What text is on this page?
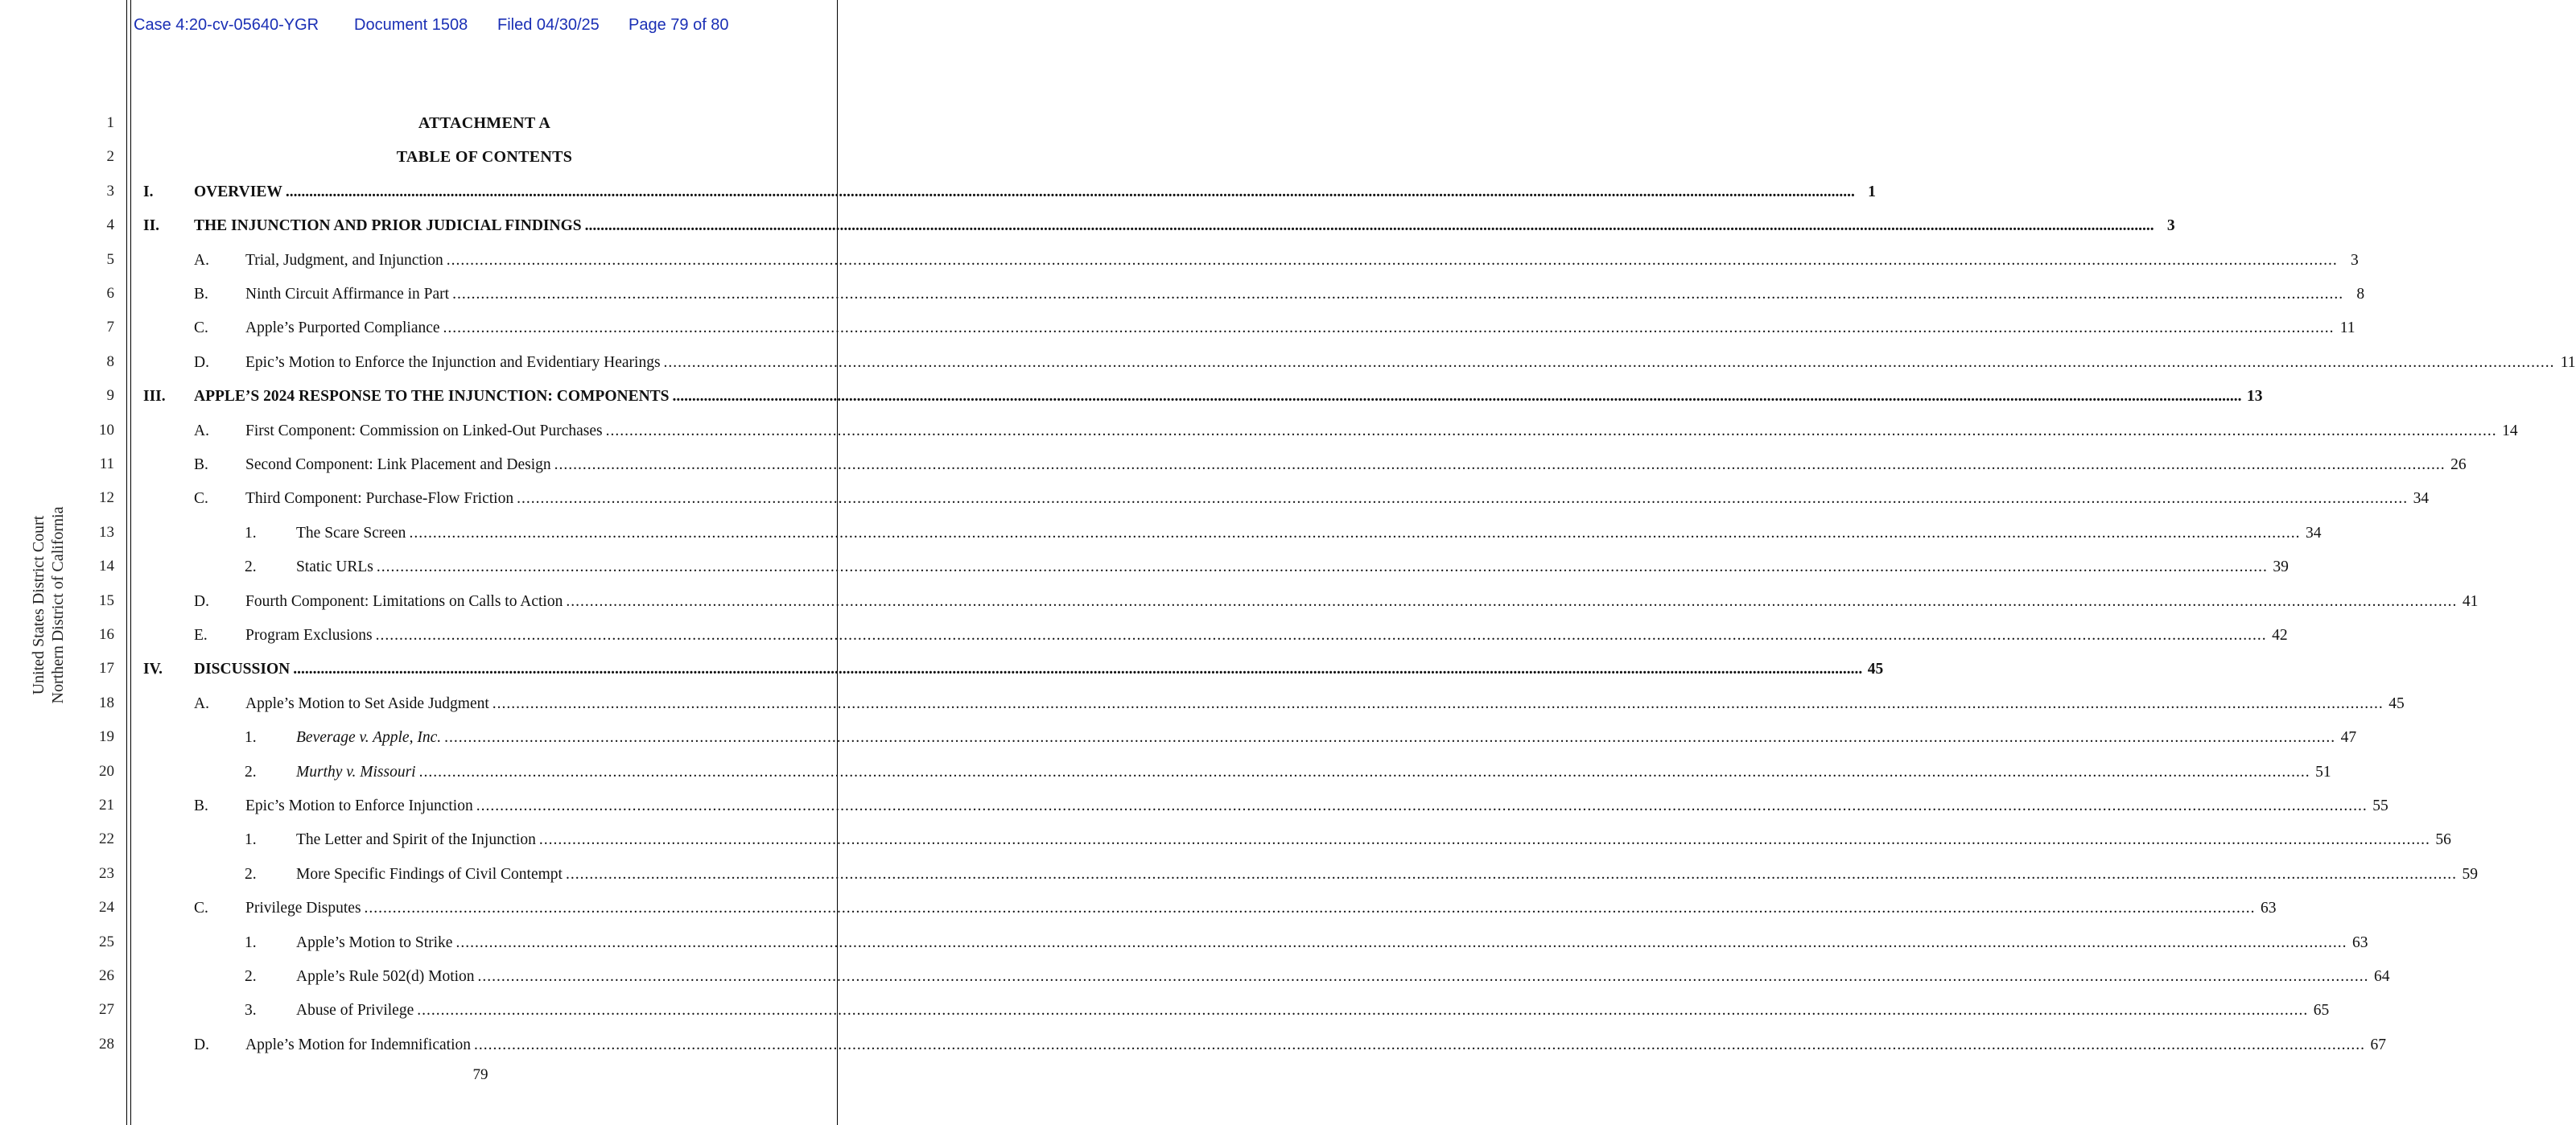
Case 4:20-cv-05640-YGR Document 1508 Filed 04/30/25 Page 79 of 80
United States District Court Northern District of California
1
2
3
4
5
6
7
8
9
10
11
12
13
14
15
16
17
18
19
20
21
22
23
24
25
26
27
28
ATTACHMENT A
TABLE OF CONTENTS
I.	OVERVIEW ................................................................................................................................................................................................................................................................................................................................................................................................................ 1
II. THE INJUNCTION AND PRIOR JUDICIAL FINDINGS ................................................................................................................................................................................................................................................................................................................................................................................................................ 3
A. Trial, Judgment, and Injunction ................................................................................................................................................................................................................................................................................................................................................................................................................ 3
B. Ninth Circuit Affirmance in Part ................................................................................................................................................................................................................................................................................................................................................................................................................ 8
C. Apple’s Purported Compliance ................................................................................................................................................................................................................................................................................................................................................................................................................ 11
D. Epic’s Motion to Enforce the Injunction and Evidentiary Hearings ................................................................................................................................................................................................................................................................................................................................................................................................................ 11
III. APPLE’S 2024 RESPONSE TO THE INJUNCTION: COMPONENTS ................................................................................................................................................................................................................................................................................................................................................................................................................ 13
A. First Component: Commission on Linked-Out Purchases ................................................................................................................................................................................................................................................................................................................................................................................................................ 14
B. Second Component: Link Placement and Design ................................................................................................................................................................................................................................................................................................................................................................................................................ 26
C. Third Component: Purchase-Flow Friction ................................................................................................................................................................................................................................................................................................................................................................................................................ 34
1.	The Scare Screen ................................................................................................................................................................................................................................................................................................................................................................................................................ 34
2.	Static URLs ................................................................................................................................................................................................................................................................................................................................................................................................................ 39
D. Fourth Component: Limitations on Calls to Action ................................................................................................................................................................................................................................................................................................................................................................................................................ 41
E. Program Exclusions ................................................................................................................................................................................................................................................................................................................................................................................................................ 42
IV. DISCUSSION ................................................................................................................................................................................................................................................................................................................................................................................................................ 45
A. Apple’s Motion to Set Aside Judgment ................................................................................................................................................................................................................................................................................................................................................................................................................ 45
1.	Beverage v. Apple, Inc. ................................................................................................................................................................................................................................................................................................................................................................................................................ 47
2.	Murthy v. Missouri ................................................................................................................................................................................................................................................................................................................................................................................................................ 51
B. Epic’s Motion to Enforce Injunction ................................................................................................................................................................................................................................................................................................................................................................................................................ 55
1.	The Letter and Spirit of the Injunction ................................................................................................................................................................................................................................................................................................................................................................................................................ 56
2.	More Specific Findings of Civil Contempt ................................................................................................................................................................................................................................................................................................................................................................................................................ 59
C. Privilege Disputes ................................................................................................................................................................................................................................................................................................................................................................................................................ 63
1.	Apple’s Motion to Strike ................................................................................................................................................................................................................................................................................................................................................................................................................ 63
2.	Apple’s Rule 502(d) Motion ................................................................................................................................................................................................................................................................................................................................................................................................................ 64
3.	Abuse of Privilege ................................................................................................................................................................................................................................................................................................................................................................................................................ 65
D. Apple’s Motion for Indemnification ................................................................................................................................................................................................................................................................................................................................................................................................................ 67
79
